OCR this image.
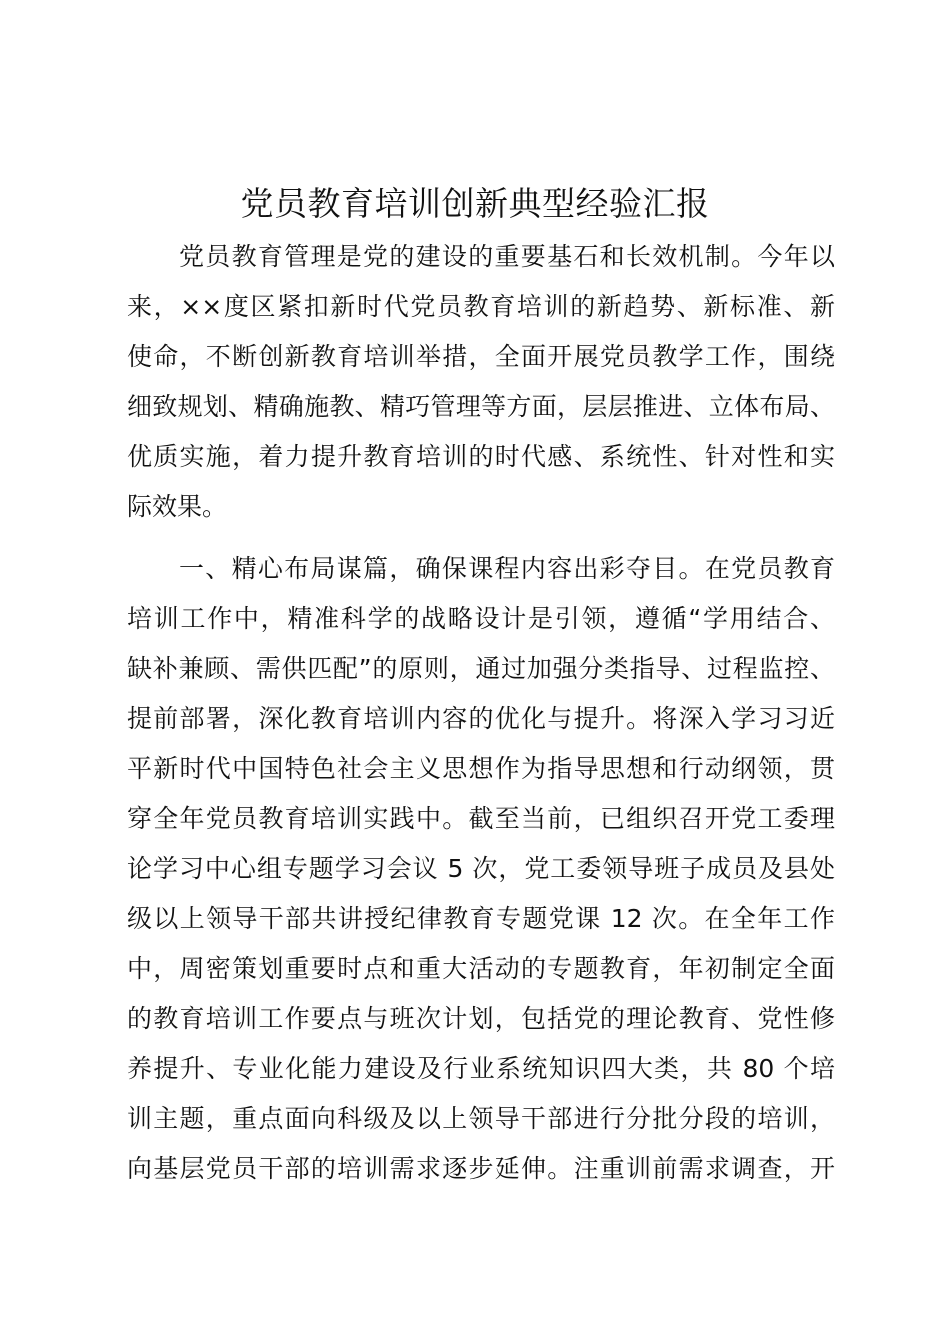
党员教育培训创新典型经验汇报
党员教育管理是党的建设的重要基石和长效机制。今年以
来，××度区紧扣新时代党员教育培训的新趋势、新标准、新
使命，不断创新教育培训举措，全面开展党员教学工作，围绕
细致规划、精确施教、精巧管理等方面，层层推进、立体布局、
优质实施，着力提升教育培训的时代感、系统性、针对性和实
际效果。
一、精心布局谋篇，确保课程内容出彩夺目。在党员教育
培训工作中，精准科学的战略设计是引领，遵循“学用结合、
缺补兼顾、需供匹配”的原则，通过加强分类指导、过程监控、
提前部署，深化教育培训内容的优化与提升。将深入学习习近
平新时代中国特色社会主义思想作为指导思想和行动纲领，贯
穿全年党员教育培训实践中。截至当前，已组织召开党工委理
论学习中心组专题学习会议 5 次，党工委领导班子成员及县处
级以上领导干部共讲授纪律教育专题党课 12 次。在全年工作
中，周密策划重要时点和重大活动的专题教育，年初制定全面
的教育培训工作要点与班次计划，包括党的理论教育、党性修
养提升、专业化能力建设及行业系统知识四大类，共 80 个培
训主题，重点面向科级及以上领导干部进行分批分段的培训，
向基层党员干部的培训需求逐步延伸。注重训前需求调查，开
